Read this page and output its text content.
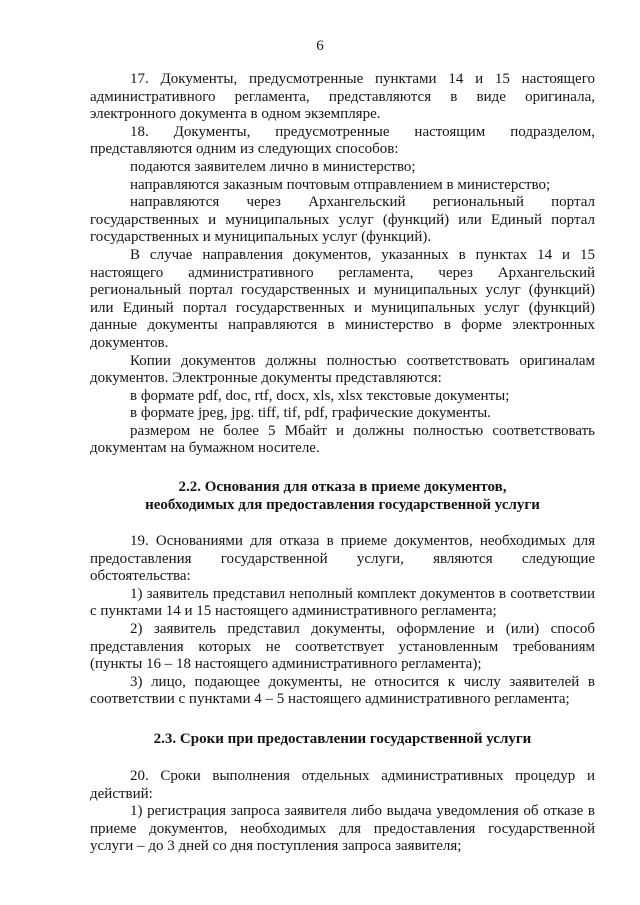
6

17. Документы, предусмотренные пунктами 14 и 15 настоящего административного регламента, представляются в виде оригинала, электронного документа в одном экземпляре.

18. Документы, предусмотренные настоящим подразделом, представляются одним из следующих способов:

подаются заявителем лично в министерство;

направляются заказным почтовым отправлением в министерство;

направляются через Архангельский региональный портал государственных и муниципальных услуг (функций) или Единый портал государственных и муниципальных услуг (функций).

В случае направления документов, указанных в пунктах 14 и 15 настоящего административного регламента, через Архангельский региональный портал государственных и муниципальных услуг (функций) или Единый портал государственных и муниципальных услуг (функций) данные документы направляются в министерство в форме электронных документов.

Копии документов должны полностью соответствовать оригиналам документов. Электронные документы представляются:

в формате pdf, doc, rtf, docx, xls, xlsx текстовые документы;

в формате jpeg, jpg. tiff, tif, pdf, графические документы.

размером не более 5 Мбайт и должны полностью соответствовать документам на бумажном носителе.

2.2. Основания для отказа в приеме документов,
необходимых для предоставления государственной услуги

19. Основаниями для отказа в приеме документов, необходимых для предоставления государственной услуги, являются следующие обстоятельства:

1) заявитель представил неполный комплект документов в соответствии с пунктами 14 и 15 настоящего административного регламента;

2) заявитель представил документы, оформление и (или) способ представления которых не соответствует установленным требованиям (пункты 16 – 18 настоящего административного регламента);

3) лицо, подающее документы, не относится к числу заявителей в соответствии с пунктами 4 – 5 настоящего административного регламента;

2.3. Сроки при предоставлении государственной услуги

20. Сроки выполнения отдельных административных процедур и действий:

1) регистрация запроса заявителя либо выдача уведомления об отказе в приеме документов, необходимых для предоставления государственной услуги – до 3 дней со дня поступления запроса заявителя;
